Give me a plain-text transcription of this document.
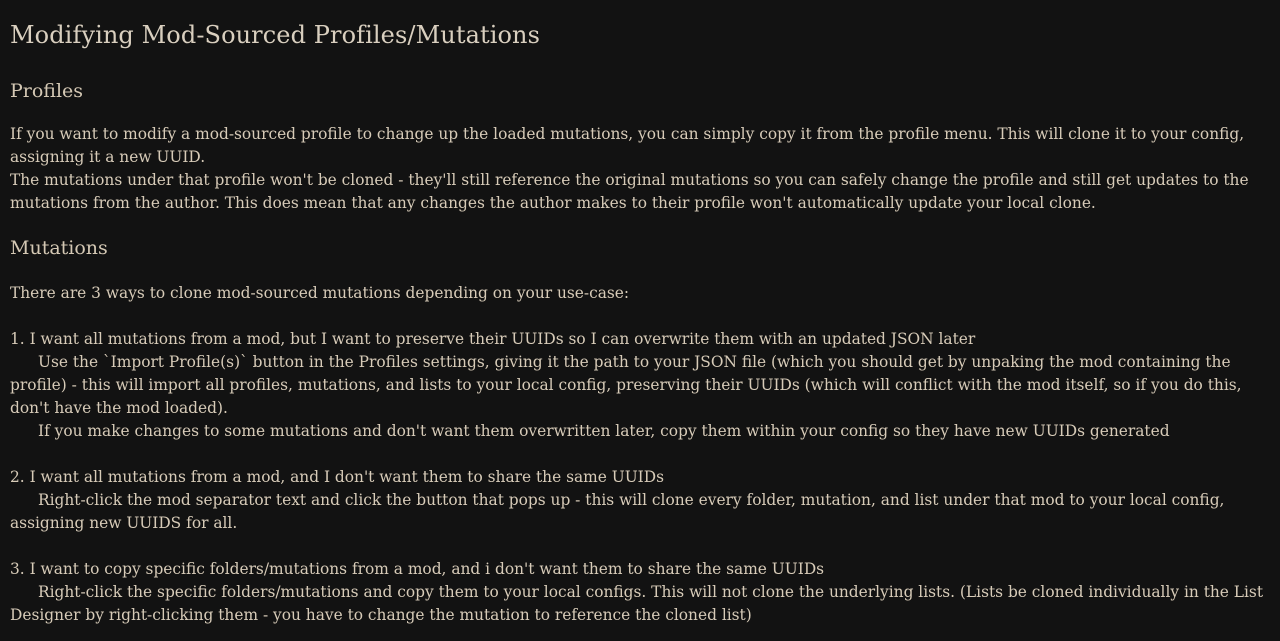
Modifying Mod-Sourced Profiles/Mutations
Profiles

If you want to modify a mod-sourced profile to change up the loaded mutations, you can simply copy it from the profile menu. This will clone it to your config, assigning it a new UUID.

The mutations under that profile won't be cloned - they'll still reference the original mutations so you can safely change the profile and still get updates to the mutations from the author. This does mean that any changes the author makes to their profile won't automatically update your local clone.

Mutations

There are 3 ways to clone mod-sourced mutations depending on your use-case:

1. I want all mutations from a mod, but I want to preserve their UUIDs so I can overwrite them with an updated JSON later

Use the `Import Profile(s)` button in the Profiles settings, giving it the path to your JSON file (which you should get by unpaking the mod containing the profile) - this will import all profiles, mutations, and lists to your local config, preserving their UUIDs (which will conflict with the mod itself, so if you do this, don't have the mod loaded).

If you make changes to some mutations and don't want them overwritten later, copy them within your config so they have new UUIDs generated

2. I want all mutations from a mod, and I don't want them to share the same UUIDs

Right-click the mod separator text and click the button that pops up - this will clone every folder, mutation, and list under that mod to your local config, assigning new UUIDS for all.

3. I want to copy specific folders/mutations from a mod, and i don't want them to share the same UUIDs

Right-click the specific folders/mutations and copy them to your local configs. This will not clone the underlying lists. (Lists be cloned individually in the List Designer by right-clicking them - you have to change the mutation to reference the cloned list)
